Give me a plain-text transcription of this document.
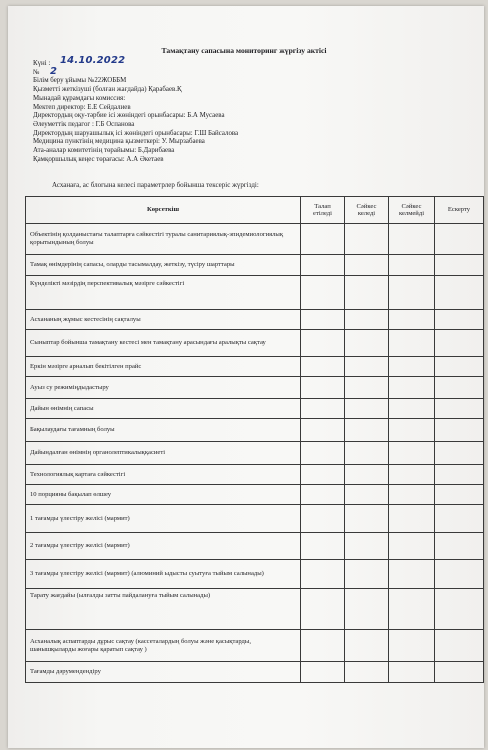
Тамақтану сапасына мониторинг жүргізу актісі
14.10.2022
2
Күні :
№
Білім беру ұйымы №22ЖОББМ
Қызметті жеткізуші (болған жағдайда) Қарабаев.Қ
Мынадай құрамдағы комиссия:
Мектеп директор: Е.Е Сейдалиев
Директордың оқу-тәрбие ісі жөніндегі орынбасары: Б.А Мусаева
Әлеуметтік педагог : Г.Б Оспанова
Директордың шаруашылық ісі жөніндегі орынбасары: Г.Ш Байсалова
Медицина пунктінің медицина қызметкері: У. Мырзабаева
Ата-аналар комитетінің төрайымы: Б.Дарибаева
Қамқоршылық кеңес төрағасы: А.А Әкетаев
Асханаға, ас блогына келесі параметрлер бойынша тексеріс жүргізді:
Көрсеткіш	Талап етіледі	Сәйкес келеді	Сәйкес келмейді	Ескерту
Объектінің қолданыстағы талаптарға сәйкестігі туралы санитариялық-эпидемиологиялық қорытындының болуы				
Тамақ өнімдерінің сапасы, оларды тасымалдау, жеткізу, түсіру шарттары				
Күнделікті мәзірдің перспективалық мәзірге сәйкестігі				
Асхананың жұмыс кестесінің сақталуы				
Сыныптар бойынша тамақтану кестесі мен тамақтану арасындағы аралықты сақтау				
Еркін мәзірге арналып бекітілген прайс				
Ауыз су режиміңдыдастыру				
Дайын өнімнің сапасы				
Бақылаудағы тағамның болуы				
Дайындалған өнімнің органолептикалыққасиеті				
Технологиялық картаға сәйкестігі				
10 порцияны бақылап өлшеу				
1 тағамды үлестіру желісі (мармит)				
2 тағамды үлестіру желісі (мармит)				
3 тағамды үлестіру желісі (мармит) (алюминий ыдысты суытуға тыйым салынады)				
Тарату жағдайы (ылғалды затты пайдалануға тыйым салынады)				
Асханалық аспаптарды дұрыс сақтау (кассеталардың болуы және қасықтарды, шанышқыларды жоғары қаратып сақтау )				
Тағамды дәрумендендіру				
